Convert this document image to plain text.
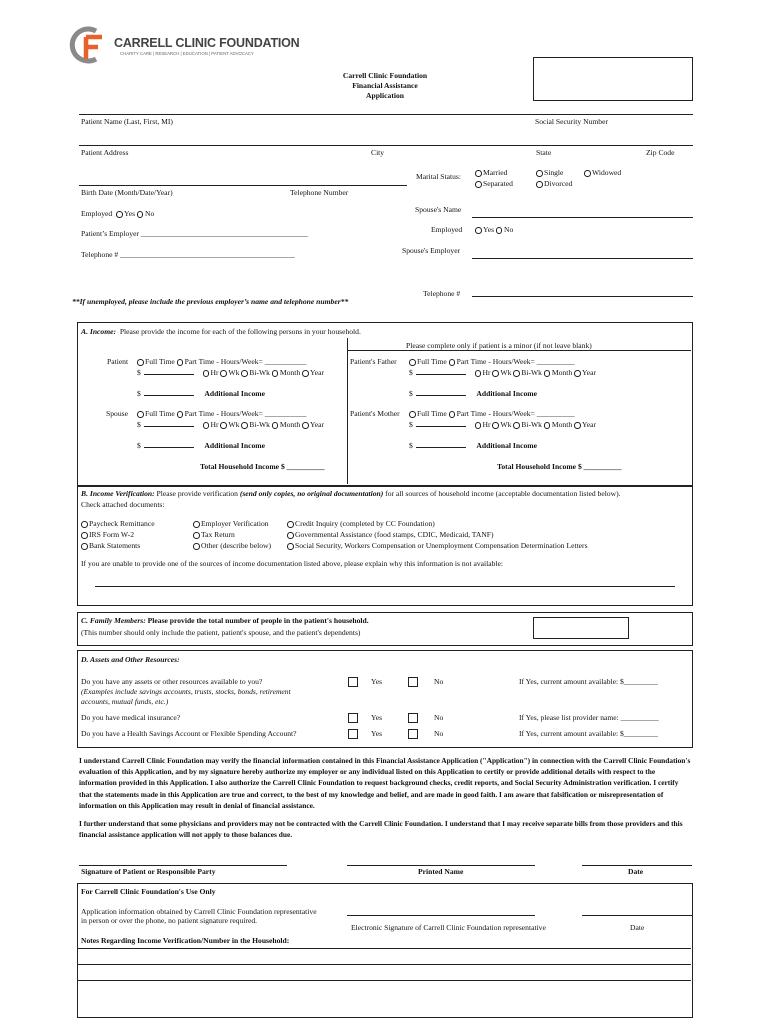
CARRELL CLINIC FOUNDATION
CHARITY CARE | RESEARCH | EDUCATION | PATIENT ADVOCACY
Carrell Clinic Foundation
Financial Assistance
Application
Patient Name (Last, First, MI)	Social Security Number
Patient Address	City	State	Zip Code
Marital Status:	Married
Separated
Single
Divorced
Widowed
Birth Date (Month/Date/Year)	Telephone Number
Spouse's Name
Employed  Yes No
Employed	Yes No
Patient’s Employer ____________________________________________
Spouse's Employer
Telephone # ______________________________________________
Telephone #
**If unemployed, please include the previous employer’s name and telephone number**
A. Income: Please provide the income for each of the following persons in your household.
Please complete only if patient is a minor (if not leave blank)
Patient	Full Time Part Time - Hours/Week= ___________
$	Hr Wk Bi-Wk Month Year
$	Additional Income
Spouse	Full Time Part Time - Hours/Week= ___________
$	Hr Wk Bi-Wk Month Year
$	Additional Income
Total Household Income $ __________
Patient's Father	Full Time Part Time - Hours/Week= __________
$	Hr Wk Bi-Wk Month Year
$	Additional Income
Patient's Mother	Full Time Part Time - Hours/Week= __________
$	Hr Wk Bi-Wk Month Year
$	Additional Income
Total Household Income $ __________
B. Income Verification: Please provide verification (send only copies, no original documentation) for all sources of household income (acceptable documentation listed below).
Check attached documents:
Paycheck Remittance
IRS Form W-2
Bank Statements
Employer Verification
Tax Return
Other (describe below)
Credit Inquiry (completed by CC Foundation)
Governmental Assistance (food stamps, CDIC, Medicaid, TANF)
Social Security, Workers Compensation or Unemployment Compensation Determination Letters
If you are unable to provide one of the sources of income documentation listed above, please explain why this information is not available:
C. Family Members: Please provide the total number of people in the patient's household.
(This number should only include the patient, patient's spouse, and the patient's dependents)
D. Assets and Other Resources:
Do you have any assets or other resources available to you?
(Examples include savings accounts, trusts, stocks, bonds, retirement
accounts, mutual funds, etc.)
Yes	No	If Yes, current amount available: $_________
Do you have medical insurance?	Yes	No	If Yes, please list provider name: __________
Do you have a Health Savings Account or Flexible Spending Account?	Yes	No	If Yes, current amount available: $_________
I understand Carrell Clinic Foundation may verify the financial information contained in this Financial Assistance Application ("Application") in connection with the Carrell Clinic Foundation's evaluation of this Application, and by my signature hereby authorize my employer or any individual listed on this Application to certify or provide additional details with respect to the information provided in this Application. I also authorize the Carrell Clinic Foundation to request background checks, credit reports, and Social Security Administration verification. I certify that the statements made in this Application are true and correct, to the best of my knowledge and belief, and are made in good faith. I am aware that falsification or misrepresentation of information on this Application may result in denial of financial assistance.
I further understand that some physicians and providers may not be contracted with the Carrell Clinic Foundation. I understand that I may receive separate bills from those providers and this financial assistance application will not apply to those balances due.
Signature of Patient or Responsible Party	Printed Name	Date
For Carrell Clinic Foundation's Use Only
Application information obtained by Carrell Clinic Foundation representative
in person or over the phone, no patient signature required.
Electronic Signature of Carrell Clinic Foundation representative	Date
Notes Regarding Income Verification/Number in the Household:
